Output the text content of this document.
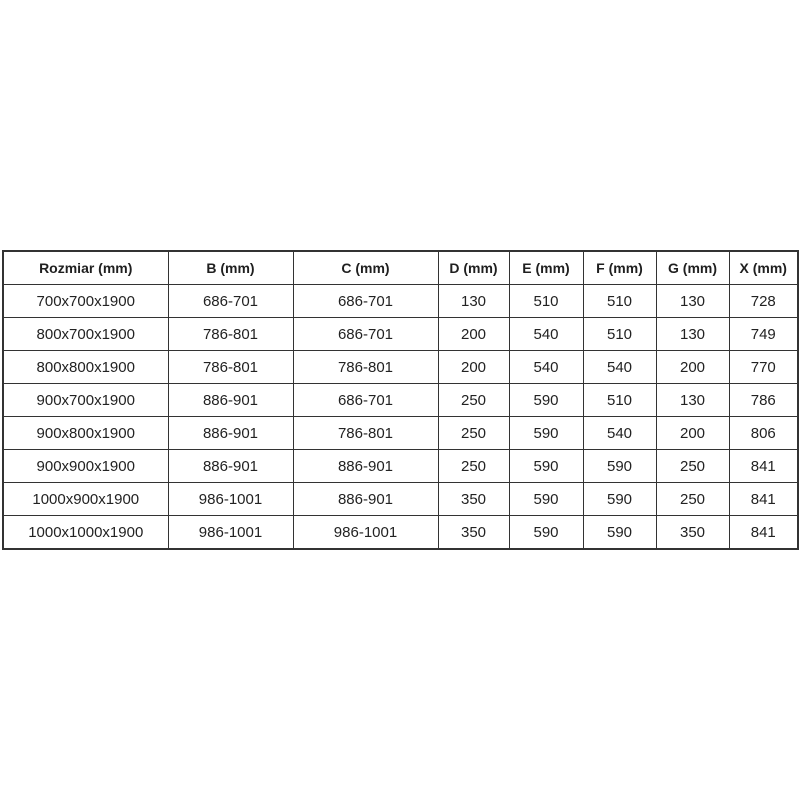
Rozmiar (mm)	B (mm)	C (mm)	D (mm)	E (mm)	F (mm)	G (mm)	X (mm)
700x700x1900	686-701	686-701	130	510	510	130	728
800x700x1900	786-801	686-701	200	540	510	130	749
800x800x1900	786-801	786-801	200	540	540	200	770
900x700x1900	886-901	686-701	250	590	510	130	786
900x800x1900	886-901	786-801	250	590	540	200	806
900x900x1900	886-901	886-901	250	590	590	250	841
1000x900x1900	986-1001	886-901	350	590	590	250	841
1000x1000x1900	986-1001	986-1001	350	590	590	350	841
